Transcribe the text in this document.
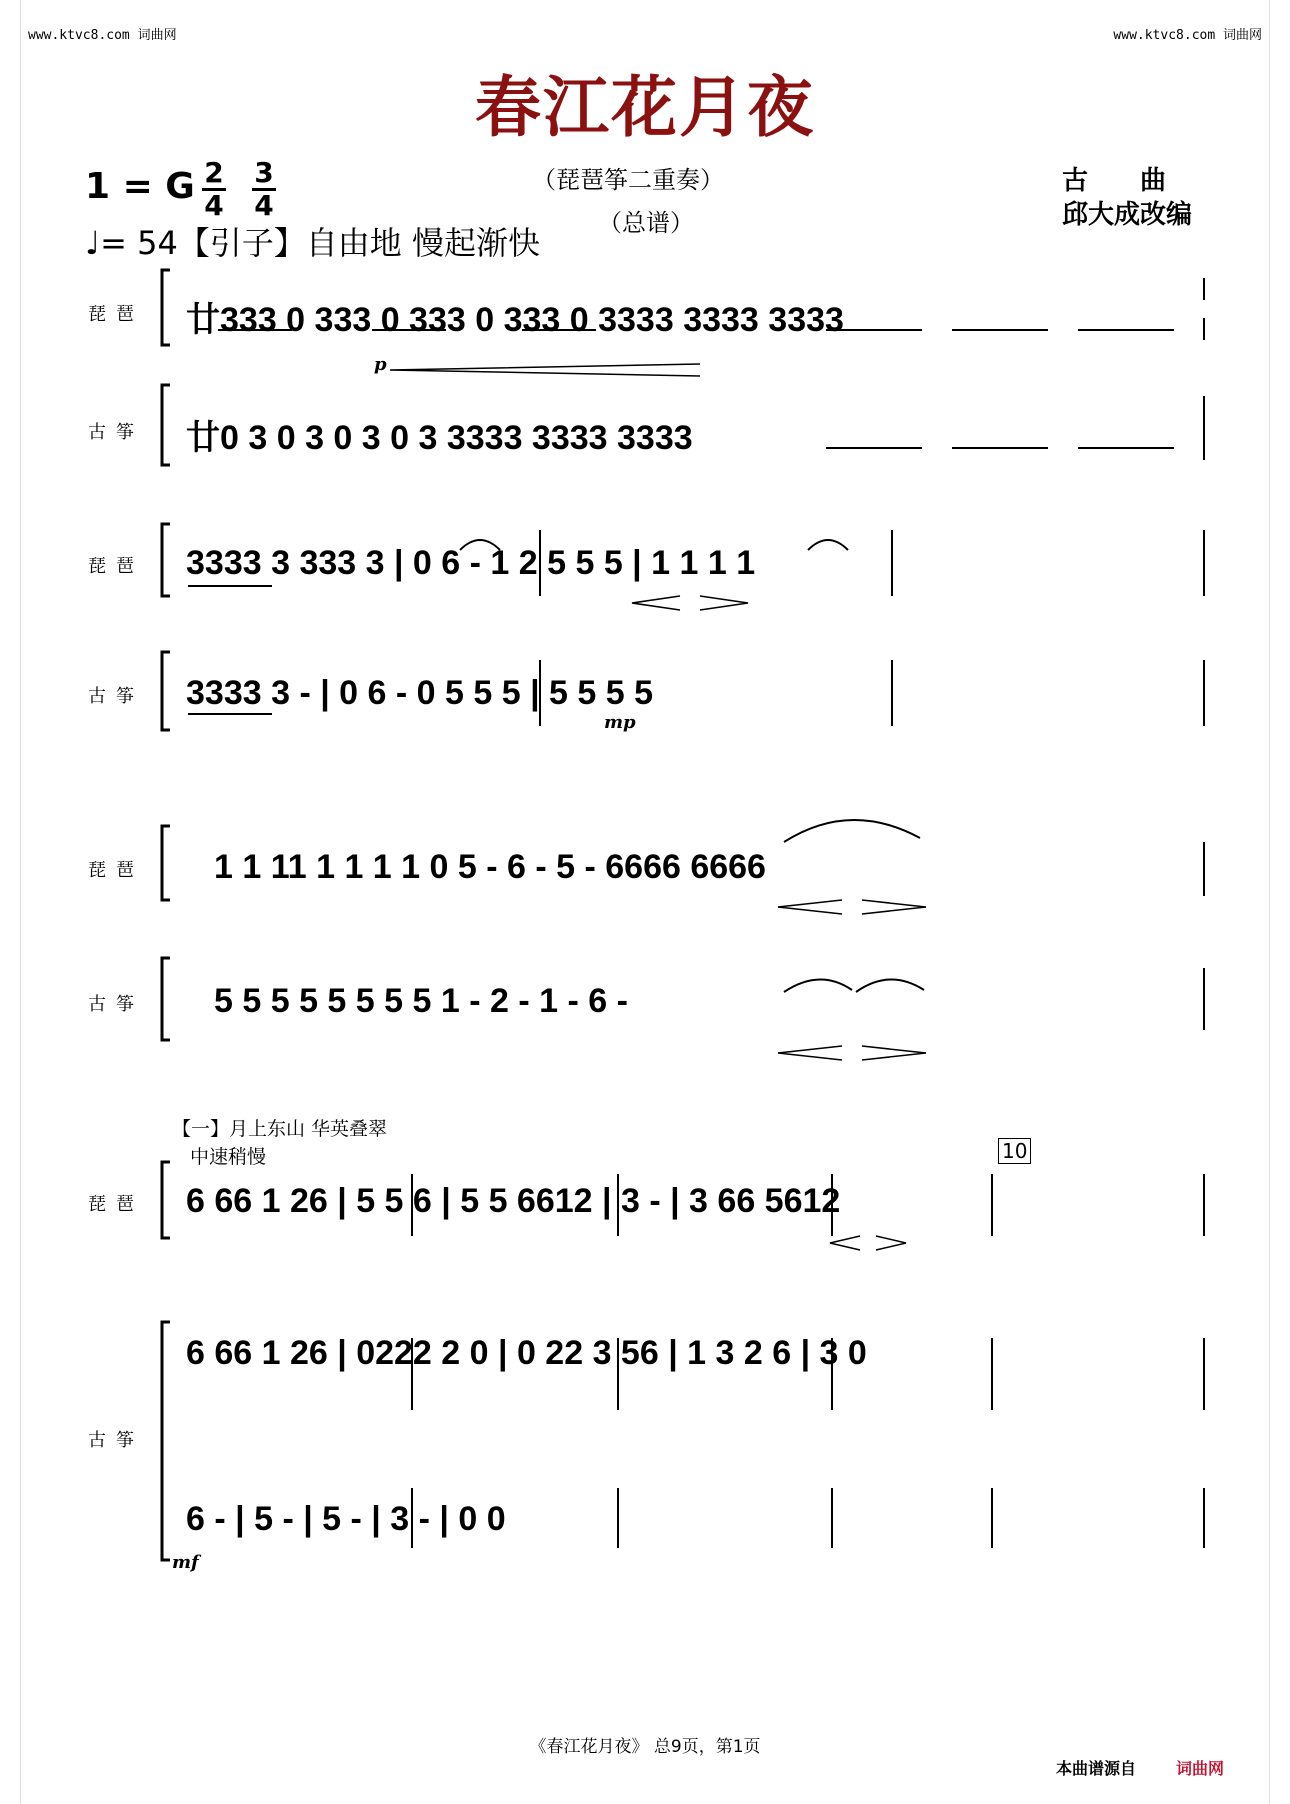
www.ktvc8.com 词曲网	www.ktvc8.com 词曲网
春江花月夜
1 = G 2
4
3
4
♩= 54【引子】自由地 慢起渐快
（琵琶筝二重奏）
（总谱）
古　　曲
邱大成改编
琵琶
古筝
廿333 0 333 0 333 0 333 0 3333 3333 3333
廿0 3 0 3 0 3 0 3 3333 3333 3333
p
琵琶
古筝
3333 3 333 3 | 0 6 - 1 2 5 5 5 | 1 1 1 1
3333 3 - | 0 6 - 0 5 5 5 | 5 5 5 5
mp
琵琶
古筝
1 1 11 1 1 1 1 0 5 - 6 - 5 - 6666 6666
5 5 5 5 5 5 5 5 1 - 2 - 1 - 6 -
【一】月上东山 华英叠翠
中速稍慢	10
琵琶
古筝
6 66 1 26 | 5 5 6 | 5 5 6612 | 3 - | 3 66 5612
6 66 1 26 | 0222 2 0 | 0 22 3 56 | 1 3 2 6 | 3 0
6 - | 5 - | 5 - | 3 - | 0 0
mf
《春江花月夜》 总9页，第1页
本曲谱源自	词曲网
